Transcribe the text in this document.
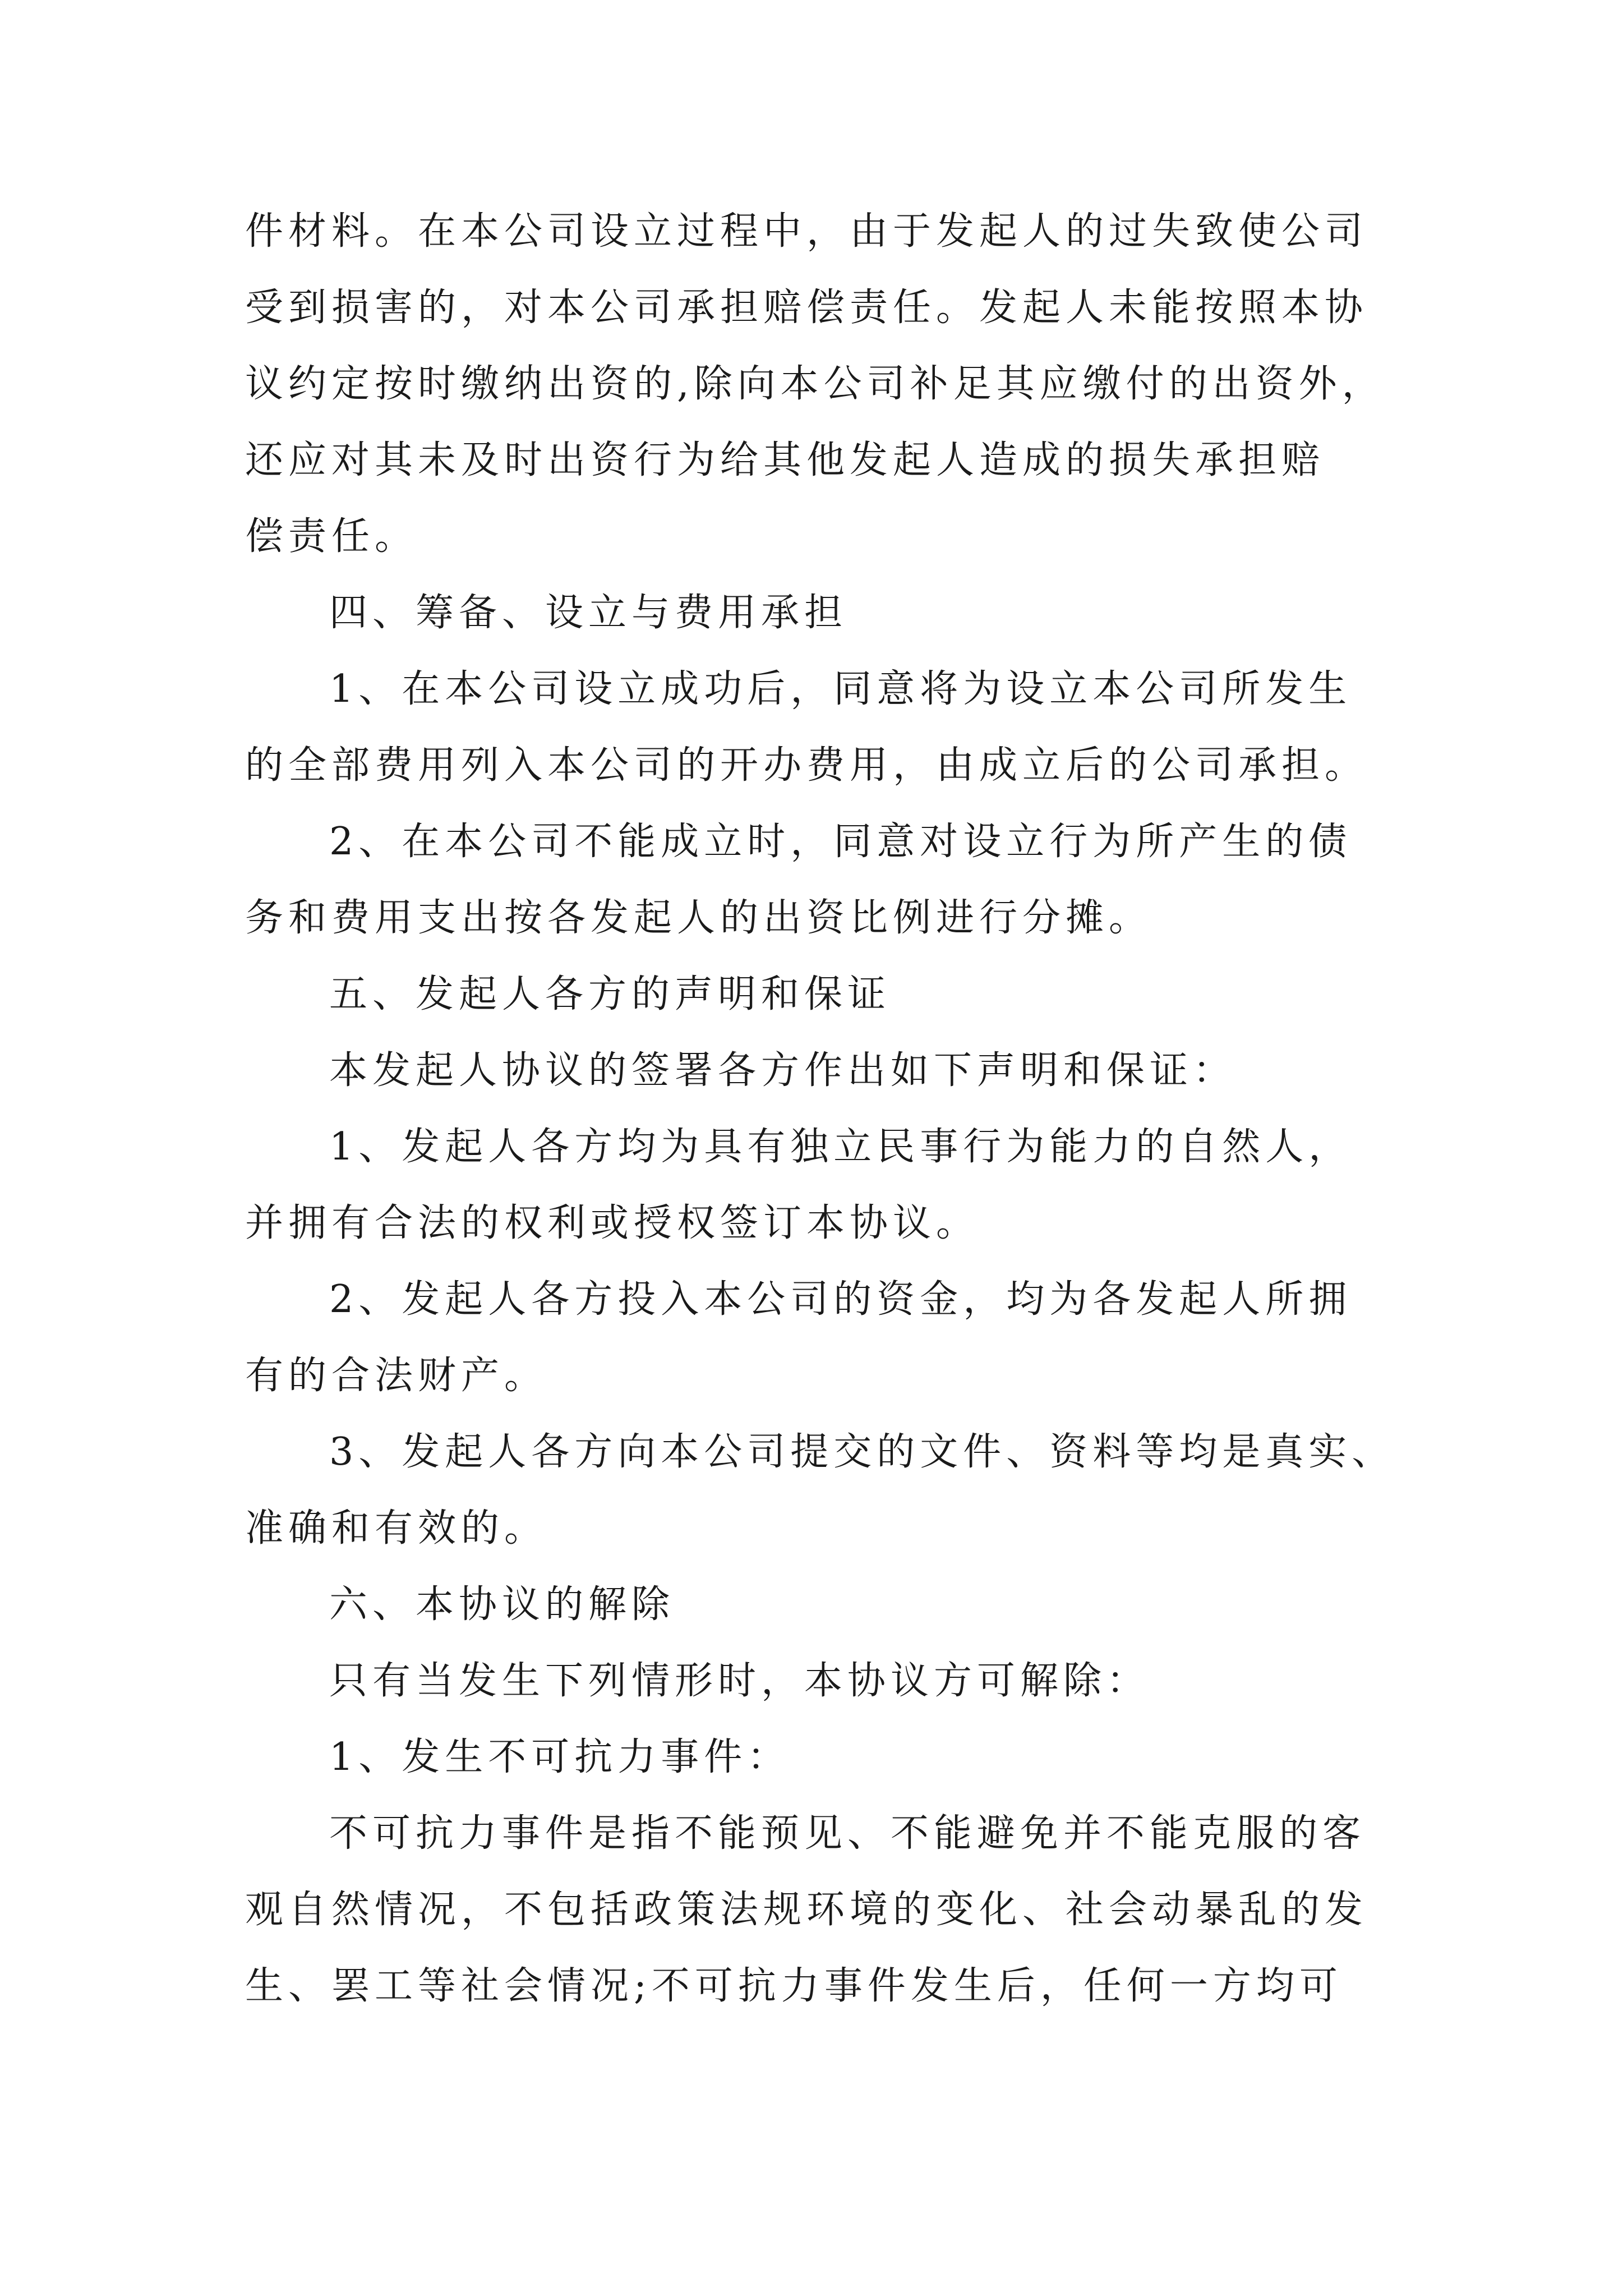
件材料。在本公司设立过程中，由于发起人的过失致使公司
受到损害的，对本公司承担赔偿责任。发起人未能按照本协
议约定按时缴纳出资的,除向本公司补足其应缴付的出资外，
还应对其未及时出资行为给其他发起人造成的损失承担赔
偿责任。
四、筹备、设立与费用承担
1、在本公司设立成功后，同意将为设立本公司所发生
的全部费用列入本公司的开办费用，由成立后的公司承担。
2、在本公司不能成立时，同意对设立行为所产生的债
务和费用支出按各发起人的出资比例进行分摊。
五、发起人各方的声明和保证
本发起人协议的签署各方作出如下声明和保证：
1、发起人各方均为具有独立民事行为能力的自然人，
并拥有合法的权利或授权签订本协议。
2、发起人各方投入本公司的资金，均为各发起人所拥
有的合法财产。
3、发起人各方向本公司提交的文件、资料等均是真实、
准确和有效的。
六、本协议的解除
只有当发生下列情形时，本协议方可解除：
1、发生不可抗力事件：
不可抗力事件是指不能预见、不能避免并不能克服的客
观自然情况，不包括政策法规环境的变化、社会动暴乱的发
生、罢工等社会情况;不可抗力事件发生后，任何一方均可
